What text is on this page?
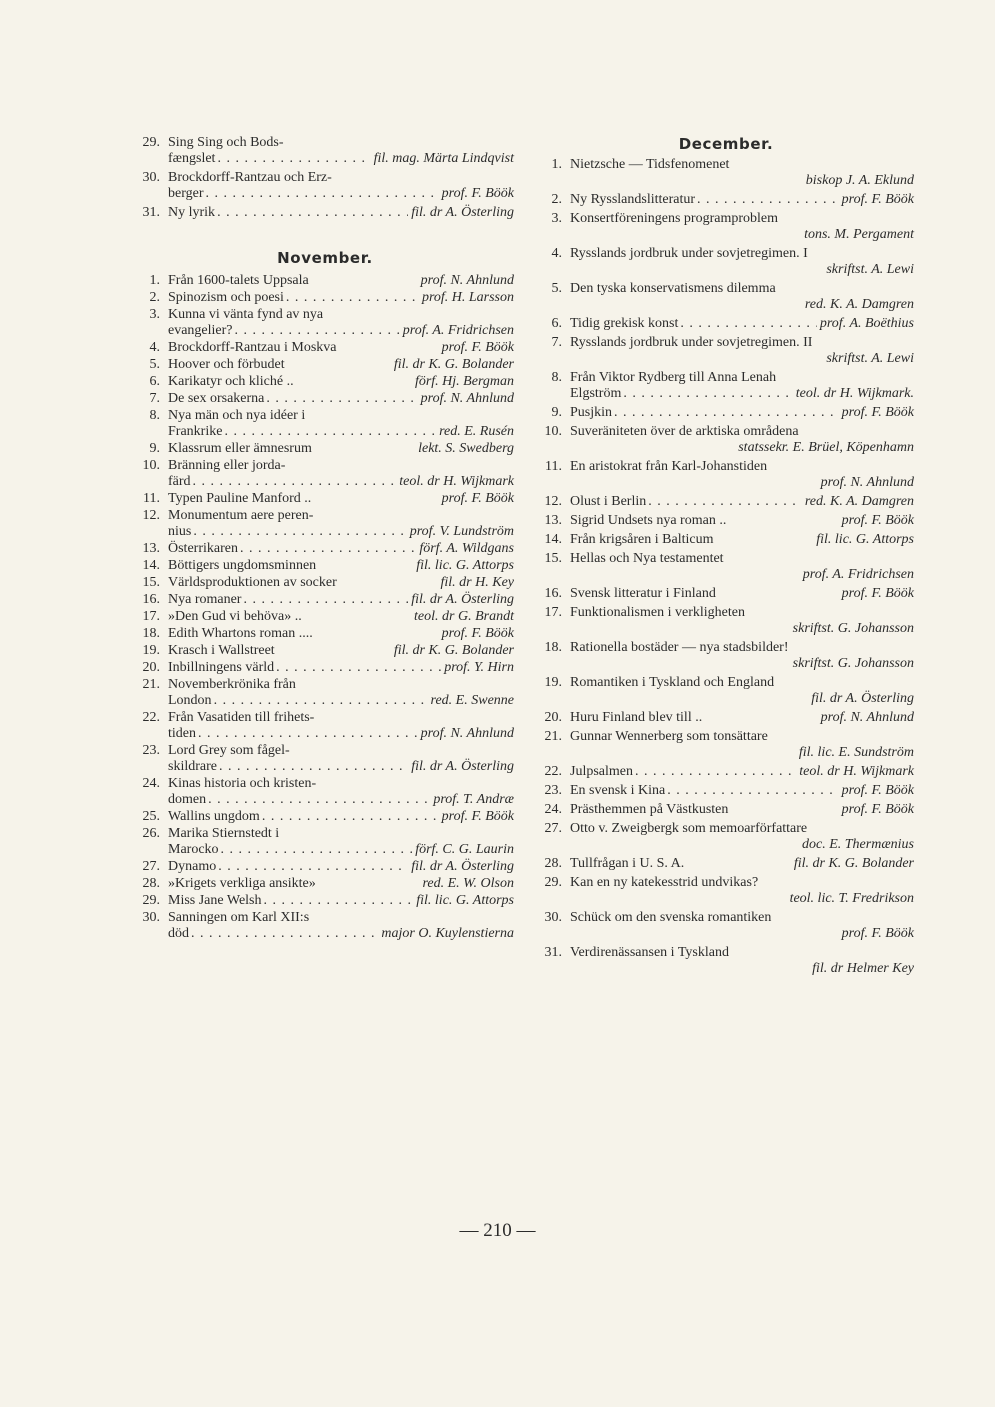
29. Sing Sing och Bods-
fængslet . . .	fil. mag. Märta Lindqvist
30. Brockdorff-Rantzau och Erz-
berger . . .	prof. F. Böök
31. Ny lyrik . . .	fil. dr A. Österling
November.
1. Från 1600-talets Uppsala	prof. N. Ahnlund
2. Spinozism och poesi . . .	prof. H. Larsson
3. Kunna vi vänta fynd av nya
evangelier? . . .	prof. A. Fridrichsen
4. Brockdorff-Rantzau i Moskva	prof. F. Böök
5. Hoover och förbudet	fil. dr K. G. Bolander
6. Karikatyr och kliché ..	förf. Hj. Bergman
7. De sex orsakerna . . .	prof. N. Ahnlund
8. Nya män och nya idéer i
Frankrike . . .	red. E. Rusén
9. Klassrum eller ämnesrum	lekt. S. Swedberg
10. Bränning eller jorda-
färd . . .	teol. dr H. Wijkmark
11. Typen Pauline Manford ..	prof. F. Böök
12. Monumentum aere peren-
nius . . .	prof. V. Lundström
13. Österrikaren . . .	förf. A. Wildgans
14. Böttigers ungdomsminnen	fil. lic. G. Attorps
15. Världsproduktionen av socker	fil. dr H. Key
16. Nya romaner . . .	fil. dr A. Österling
17. »Den Gud vi behöva» ..	teol. dr G. Brandt
18. Edith Whartons roman ....	prof. F. Böök
19. Krasch i Wallstreet	fil. dr K. G. Bolander
20. Inbillningens värld . . .	prof. Y. Hirn
21. Novemberkrönika från
London . . .	red. E. Swenne
22. Från Vasatiden till frihets-
tiden . . .	prof. N. Ahnlund
23. Lord Grey som fågel-
skildrare . . .	fil. dr A. Österling
24. Kinas historia och kristen-
domen . . .	prof. T. Andræ
25. Wallins ungdom . . .	prof. F. Böök
26. Marika Stiernstedt i
Marocko . . .	förf. C. G. Laurin
27. Dynamo . . .	fil. dr A. Österling
28. »Krigets verkliga ansikte»	red. E. W. Olson
29. Miss Jane Welsh . . .	fil. lic. G. Attorps
30. Sanningen om Karl XII:s
död . . .	major O. Kuylenstierna
December.
1. Nietzsche — Tidsfenomenet
biskop J. A. Eklund
2. Ny Rysslandslitteratur . . .	prof. F. Böök
3. Konsertföreningens programproblem
tons. M. Pergament
4. Rysslands jordbruk under sovjetregimen. I
skriftst. A. Lewi
5. Den tyska konservatismens dilemma
red. K. A. Damgren
6. Tidig grekisk konst . . .	prof. A. Boëthius
7. Rysslands jordbruk under sovjetregimen. II
skriftst. A. Lewi
8. Från Viktor Rydberg till Anna Lenah
Elgström . . .	teol. dr H. Wijkmark.
9. Pusjkin . . .	prof. F. Böök
10. Suveräniteten över de arktiska områdena
statssekr. E. Brüel, Köpenhamn
11. En aristokrat från Karl-Johanstiden
prof. N. Ahnlund
12. Olust i Berlin . . .	red. K. A. Damgren
13. Sigrid Undsets nya roman ..	prof. F. Böök
14. Från krigsåren i Balticum	fil. lic. G. Attorps
15. Hellas och Nya testamentet
prof. A. Fridrichsen
16. Svensk litteratur i Finland	prof. F. Böök
17. Funktionalismen i verkligheten
skriftst. G. Johansson
18. Rationella bostäder — nya stadsbilder!
skriftst. G. Johansson
19. Romantiken i Tyskland och England
fil. dr A. Österling
20. Huru Finland blev till ..	prof. N. Ahnlund
21. Gunnar Wennerberg som tonsättare
fil. lic. E. Sundström
22. Julpsalmen . . .	teol. dr H. Wijkmark
23. En svensk i Kina . . .	prof. F. Böök
24. Prästhemmen på Västkusten	prof. F. Böök
27. Otto v. Zweigbergk som memoarförfattare
doc. E. Thermænius
28. Tullfrågan i U. S. A.	fil. dr K. G. Bolander
29. Kan en ny katekesstrid undvikas?
teol. lic. T. Fredrikson
30. Schück om den svenska romantiken
prof. F. Böök
31. Verdirenässansen i Tyskland
fil. dr Helmer Key
— 210 —
